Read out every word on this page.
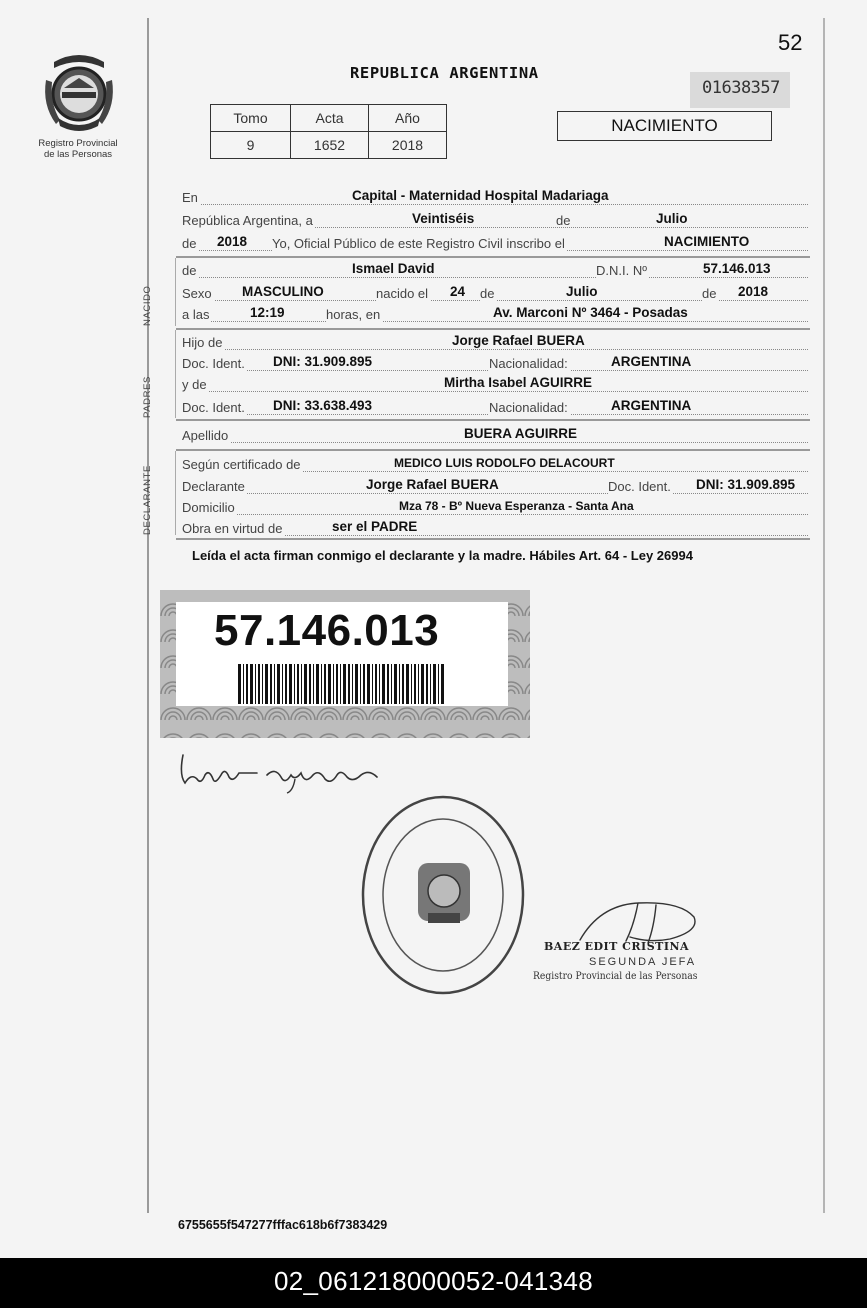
52
01638357
Registro Provincial
de las Personas
REPUBLICA ARGENTINA
Tomo	Acta	Año
9	1652	2018
NACIMIENTO
En	Capital - Maternidad Hospital Madariaga
República Argentina, a	Veintiséis	de	Julio
de 2018 Yo, Oficial Público de este Registro Civil inscribo el	NACIMIENTO
NACIDO
de	Ismael David	D.N.I. Nº	57.146.013
Sexo MASCULINO	nacido el 24 de	Julio	de 2018
a las	12:19	horas, en	Av. Marconi Nº 3464 - Posadas
PADRES
Hijo de	Jorge Rafael BUERA
Doc. Ident. DNI: 31.909.895	Nacionalidad:	ARGENTINA
y de	Mirtha Isabel AGUIRRE
Doc. Ident. DNI: 33.638.493	Nacionalidad:	ARGENTINA
Apellido	BUERA AGUIRRE
DECLARANTE
Según certificado de	MEDICO LUIS RODOLFO DELACOURT
Declarante	Jorge Rafael BUERA	Doc. Ident. DNI: 31.909.895
Domicilio	Mza 78 - Bº Nueva Esperanza - Santa Ana
Obra en virtud de	ser el PADRE
Leída el acta firman conmigo el declarante y la madre. Hábiles Art. 64 - Ley 26994
57.146.013
BAEZ EDIT CRISTINA
SEGUNDA JEFA
Registro Provincial de las Personas
6755655f547277fffac618b6f7383429
02_061218000052-041348
